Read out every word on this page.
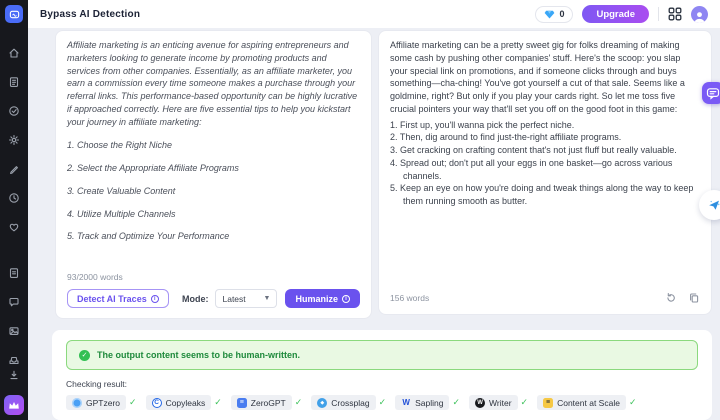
Bypass AI Detection	0	Upgrade
Affiliate marketing is an enticing avenue for aspiring entrepreneurs and marketers looking to generate income by promoting products and services from other companies. Essentially, as an affiliate marketer, you earn a commission every time someone makes a purchase through your referral links. This performance-based opportunity can be highly lucrative if approached correctly. Here are five essential tips to help you kickstart your journey in affiliate marketing:
1. Choose the Right Niche
2. Select the Appropriate Affiliate Programs
3. Create Valuable Content
4. Utilize Multiple Channels
5. Track and Optimize Your Performance
93/2000 words
Detect AI Traces	i	Mode: Latest	▼	Humanize	i
Affiliate marketing can be a pretty sweet gig for folks dreaming of making some cash by pushing other companies' stuff. Here's the scoop: you slap your special link on promotions, and if someone clicks through and buys something—cha-ching! You've got yourself a cut of that sale. Seems like a goldmine, right? But only if you play your cards right. So let me toss five crucial pointers your way that'll set you off on the good foot in this game:
1. First up, you'll wanna pick the perfect niche.
2. Then, dig around to find just-the-right affiliate programs.
3. Get cracking on crafting content that's not just fluff but really valuable.
4. Spread out; don't put all your eggs in one basket—go across various channels.
5. Keep an eye on how you're doing and tweak things along the way to keep them running smooth as butter.
156 words
✓ The output content seems to be human-written.
Checking result:
GPTzero ✓	C Copyleaks ✓	≡ ZeroGPT ✓	◆ Crossplag ✓ W Sapling ✓	W Writer ✓	≡ Content at Scale ✓
